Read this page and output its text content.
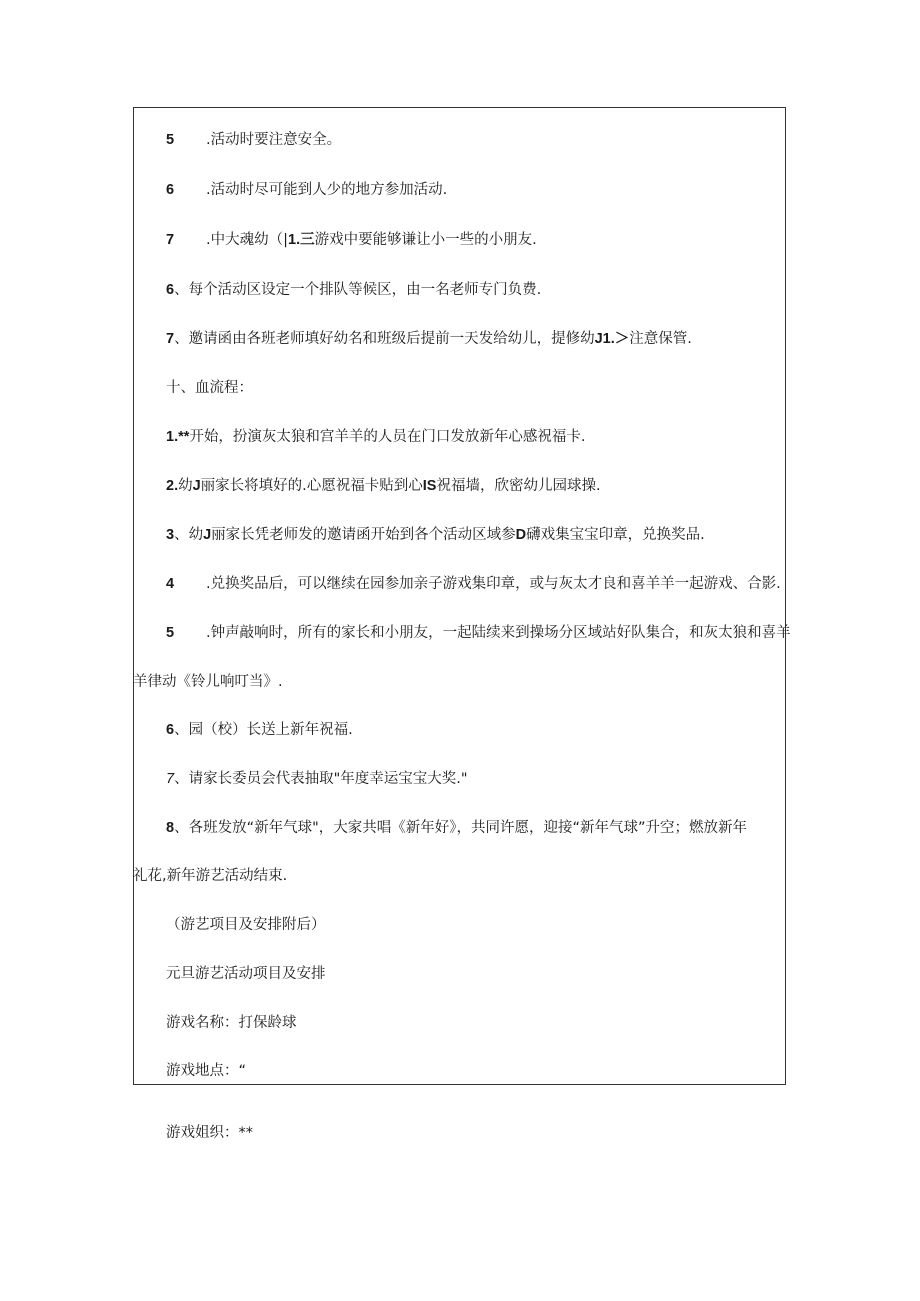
5 .活动时要注意安全。
6 .活动时尽可能到人少的地方参加活动.
7 .中大魂幼（|1.三游戏中要能够谦让小一些的小朋友.
6、每个活动区设定一个排队等候区，由一名老师专门负费.
7、邀请函由各班老师填好幼名和班级后提前一天发给幼儿，提修幼J1.＞注意保管.
十、血流程：
1.**开始，扮演灰太狼和宫羊羊的人员在门口发放新年心感祝福卡.
2.幼J丽家长将填好的.心愿祝福卡贴到心IS祝福墙，欣密幼儿园球操.
3、幼J丽家长凭老师发的邀请函开始到各个活动区域参D礴戏集宝宝印章，兑换奖品.
4 .兑换奖品后，可以继续在园参加亲子游戏集印章，或与灰太才良和喜羊羊一起游戏、合影.
5 .钟声敲响时，所有的家长和小朋友，一起陆续来到操场分区域站好队集合，和灰太狼和喜羊
羊律动《铃儿响叮当》.
6、园（校）长送上新年祝福.
7、请家长委员会代表抽取"年度幸运宝宝大奖."
8、各班发放“新年气球"，大家共唱《新年好》，共同许愿，迎接“新年气球”升空；燃放新年
礼花,新年游艺活动结束.
（游艺项目及安排附后）
元旦游艺活动项目及安排
游戏名称：打保龄球
游戏地点：“
游戏姐织：**
